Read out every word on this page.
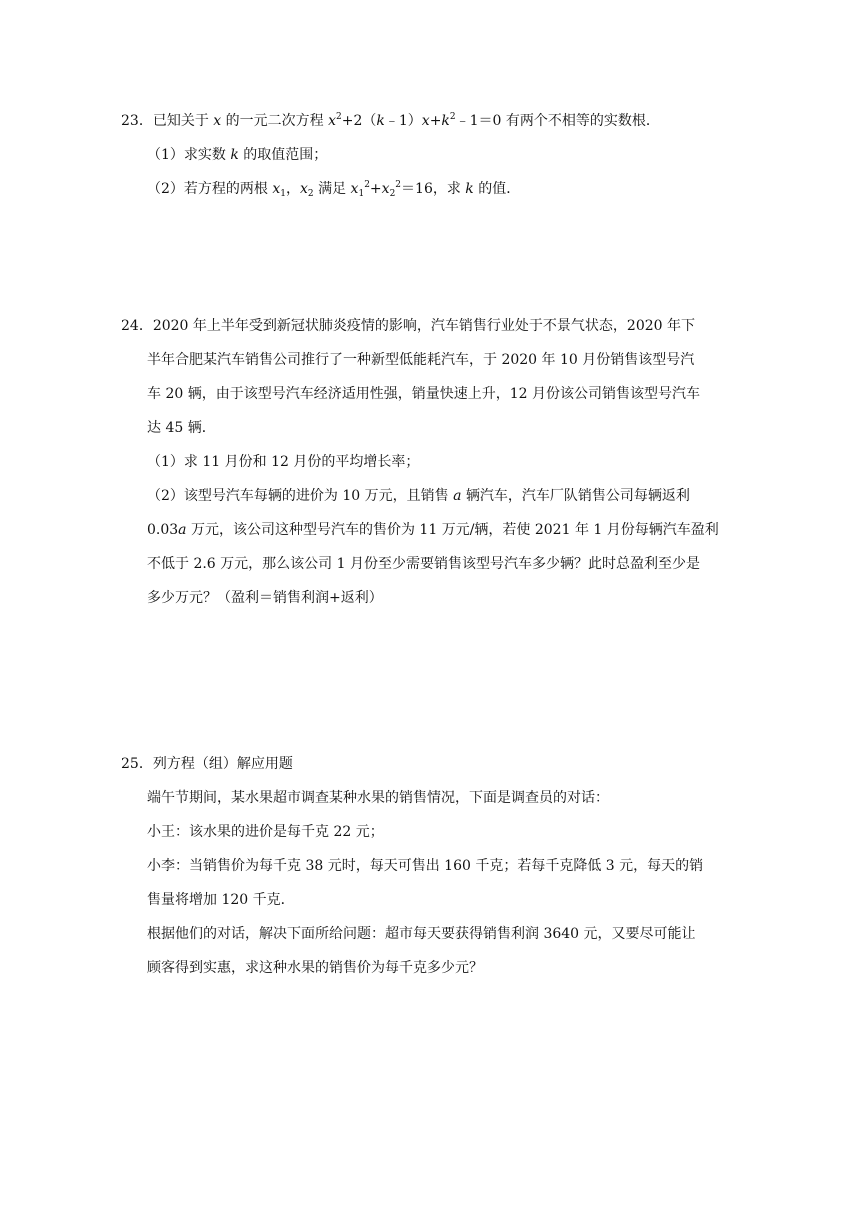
23．已知关于 x 的一元二次方程 $x^2+2(k﹣1)x+k^2﹣1=0$ 有两个不相等的实数根．
（1）求实数 k 的取值范围；
（2）若方程的两根 $x_1$，$x_2$ 满足 $x_1^2+x_2^2=16$，求 k 的值．
24．2020 年上半年受到新冠状肺炎疫情的影响，汽车销售行业处于不景气状态，2020 年下
半年合肥某汽车销售公司推行了一种新型低能耗汽车，于 2020 年 10 月份销售该型号汽
车 20 辆，由于该型号汽车经济适用性强，销量快速上升，12 月份该公司销售该型号汽车
达 45 辆．
（1）求 11 月份和 12 月份的平均增长率；
（2）该型号汽车每辆的进价为 10 万元，且销售 a 辆汽车，汽车厂队销售公司每辆返利
0.03a 万元，该公司这种型号汽车的售价为 11 万元/辆，若使 2021 年 1 月份每辆汽车盈利
不低于 2.6 万元，那么该公司 1 月份至少需要销售该型号汽车多少辆？此时总盈利至少是
多少万元？（盈利＝销售利润+返利）
25．列方程（组）解应用题
端午节期间，某水果超市调查某种水果的销售情况，下面是调查员的对话：
小王：该水果的进价是每千克 22 元；
小李：当销售价为每千克 38 元时，每天可售出 160 千克；若每千克降低 3 元，每天的销
售量将增加 120 千克．
根据他们的对话，解决下面所给问题：超市每天要获得销售利润 3640 元，又要尽可能让
顾客得到实惠，求这种水果的销售价为每千克多少元？
